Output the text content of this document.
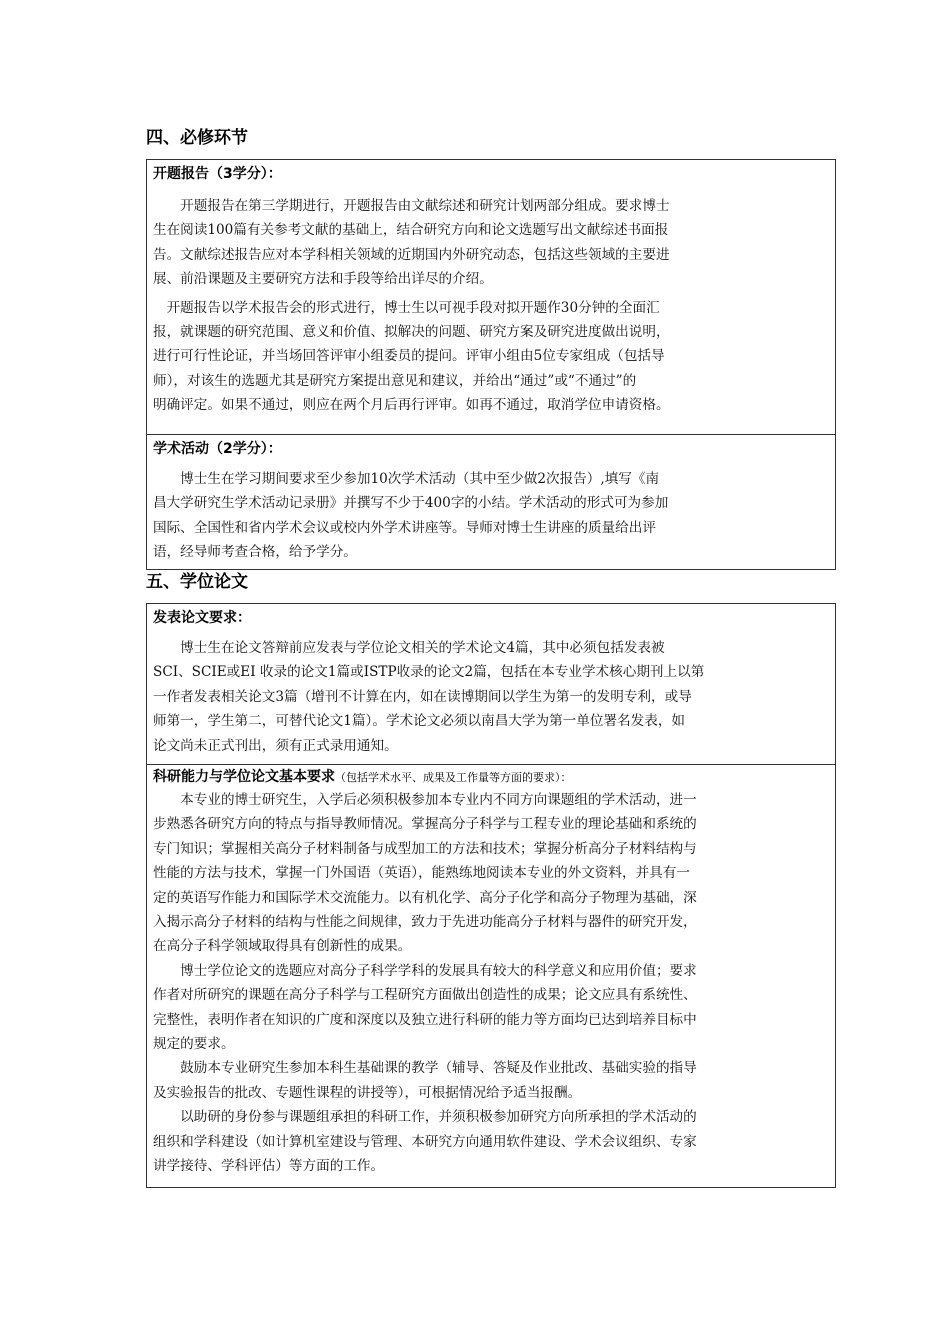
四、必修环节
开题报告（3学分）：

　　开题报告在第三学期进行，开题报告由文献综述和研究计划两部分组成。要求博士
生在阅读100篇有关参考文献的基础上，结合研究方向和论文选题写出文献综述书面报
告。文献综述报告应对本学科相关领域的近期国内外研究动态，包括这些领域的主要进
展、前沿课题及主要研究方法和手段等给出详尽的介绍。

　开题报告以学术报告会的形式进行，博士生以可视手段对拟开题作30分钟的全面汇
报，就课题的研究范围、意义和价值、拟解决的问题、研究方案及研究进度做出说明，
进行可行性论证，并当场回答评审小组委员的提问。评审小组由5位专家组成（包括导
师），对该生的选题尤其是研究方案提出意见和建议，并给出“通过”或“不通过”的
明确评定。如果不通过，则应在两个月后再行评审。如再不通过，取消学位申请资格。

学术活动（2学分）：

　　博士生在学习期间要求至少参加10次学术活动（其中至少做2次报告）,填写《南
昌大学研究生学术活动记录册》并撰写不少于400字的小结。学术活动的形式可为参加
国际、全国性和省内学术会议或校内外学术讲座等。导师对博士生讲座的质量给出评
语，经导师考查合格，给予学分。

五、学位论文
发表论文要求：

　　博士生在论文答辩前应发表与学位论文相关的学术论文4篇，其中必须包括发表被
SCI、SCIE或EI 收录的论文1篇或ISTP收录的论文2篇，包括在本专业学术核心期刊上以第
一作者发表相关论文3篇（增刊不计算在内，如在读博期间以学生为第一的发明专利，或导
师第一，学生第二，可替代论文1篇）。学术论文必须以南昌大学为第一单位署名发表，如
论文尚未正式刊出，须有正式录用通知。

科研能力与学位论文基本要求（包括学术水平、成果及工作量等方面的要求）：

　　本专业的博士研究生，入学后必须积极参加本专业内不同方向课题组的学术活动，进一
步熟悉各研究方向的特点与指导教师情况。掌握高分子科学与工程专业的理论基础和系统的
专门知识；掌握相关高分子材料制备与成型加工的方法和技术；掌握分析高分子材料结构与
性能的方法与技术，掌握一门外国语（英语），能熟练地阅读本专业的外文资料，并具有一
定的英语写作能力和国际学术交流能力。以有机化学、高分子化学和高分子物理为基础，深
入揭示高分子材料的结构与性能之间规律，致力于先进功能高分子材料与器件的研究开发，
在高分子科学领域取得具有创新性的成果。

　　博士学位论文的选题应对高分子科学学科的发展具有较大的科学意义和应用价值；要求
作者对所研究的课题在高分子科学与工程研究方面做出创造性的成果；论文应具有系统性、
完整性，表明作者在知识的广度和深度以及独立进行科研的能力等方面均已达到培养目标中
规定的要求。

　　鼓励本专业研究生参加本科生基础课的教学（辅导、答疑及作业批改、基础实验的指导
及实验报告的批改、专题性课程的讲授等），可根据情况给予适当报酬。

　　以助研的身份参与课题组承担的科研工作，并须积极参加研究方向所承担的学术活动的
组织和学科建设（如计算机室建设与管理、本研究方向通用软件建设、学术会议组织、专家
讲学接待、学科评估）等方面的工作。
